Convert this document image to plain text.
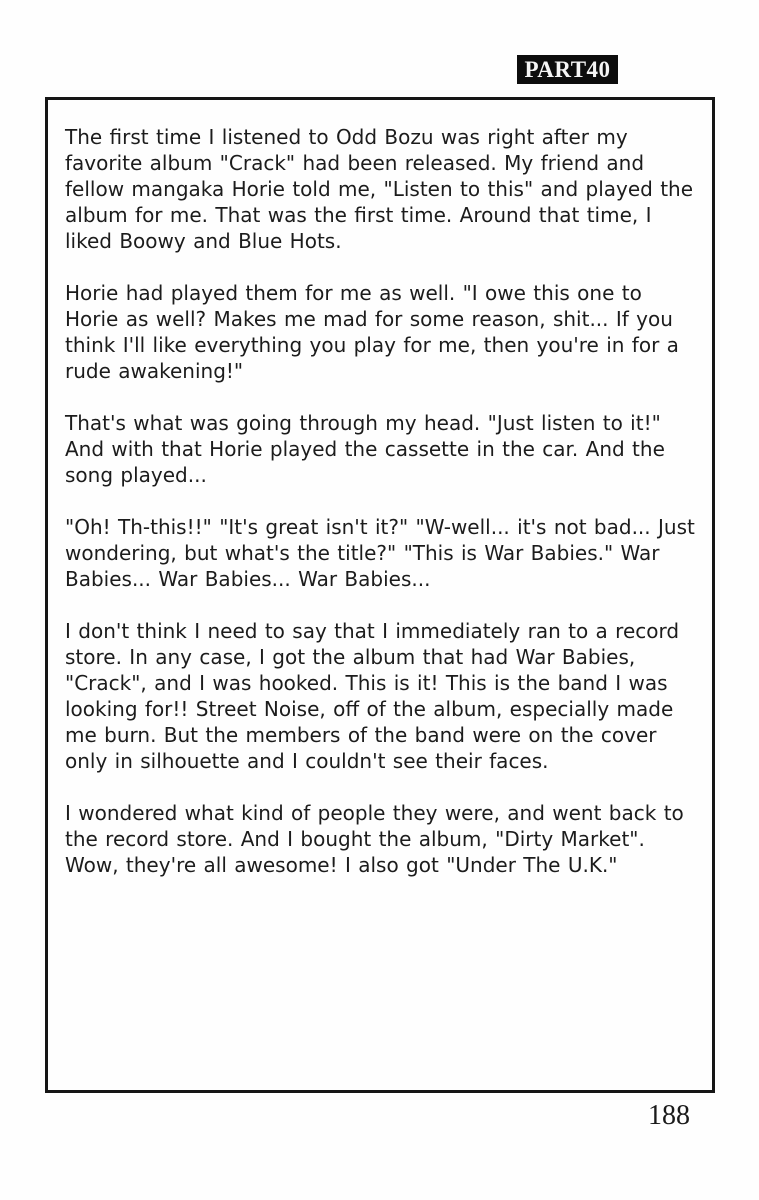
PART40

The first time I listened to Odd Bozu was right after my favorite album "Crack" had been released. My friend and fellow mangaka Horie told me, "Listen to this" and played the album for me. That was the first time. Around that time, I liked Boowy and Blue Hots.

Horie had played them for me as well. "I owe this one to Horie as well? Makes me mad for some reason, shit... If you think I'll like everything you play for me, then you're in for a rude awakening!"

That's what was going through my head. "Just listen to it!" And with that Horie played the cassette in the car. And the song played...

"Oh! Th-this!!" "It's great isn't it?" "W-well... it's not bad... Just wondering, but what's the title?" "This is War Babies." War Babies... War Babies... War Babies...

I don't think I need to say that I immediately ran to a record store. In any case, I got the album that had War Babies, "Crack", and I was hooked. This is it! This is the band I was looking for!! Street Noise, off of the album, especially made me burn. But the members of the band were on the cover only in silhouette and I couldn't see their faces.

I wondered what kind of people they were, and went back to the record store. And I bought the album, "Dirty Market". Wow, they're all awesome! I also got "Under The U.K."

188
